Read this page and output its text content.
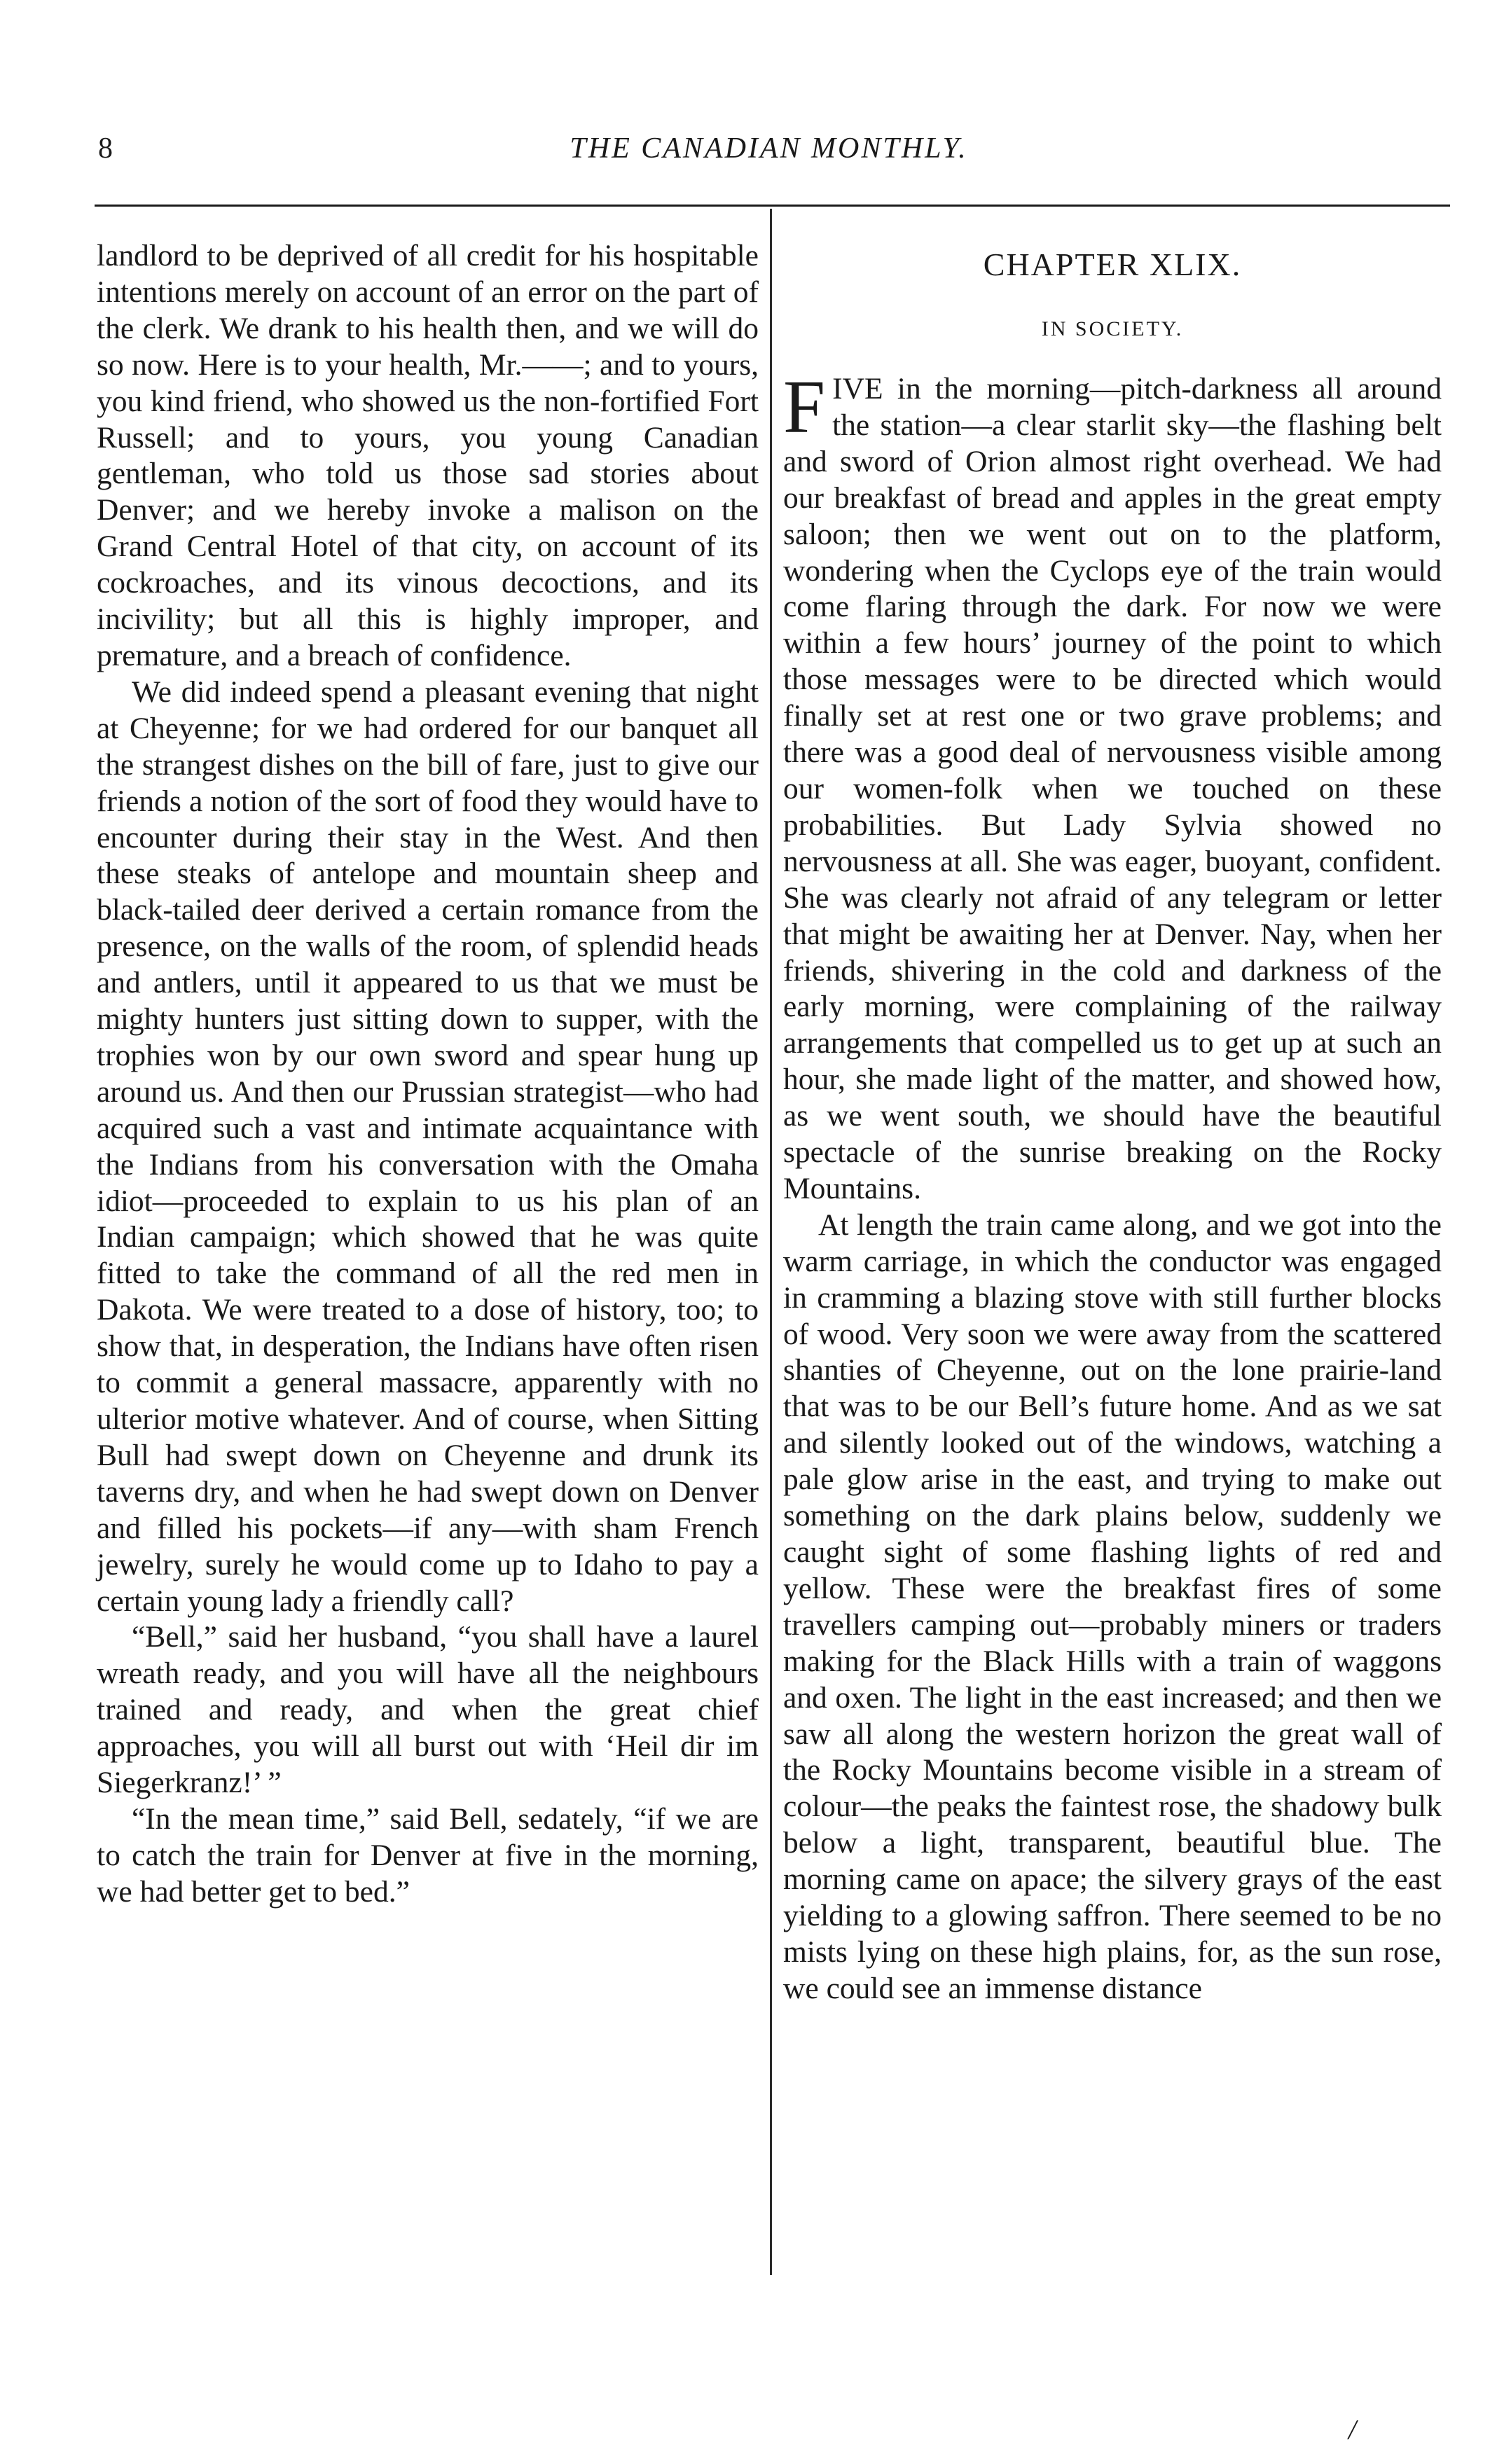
8	THE CANADIAN MONTHLY.

landlord to be deprived of all credit for his hospitable intentions merely on account of an error on the part of the clerk. We drank to his health then, and we will do so now. Here is to your health, Mr.——; and to yours, you kind friend, who showed us the non-fortified Fort Russell; and to yours, you young Canadian gentleman, who told us those sad stories about Denver; and we hereby invoke a malison on the Grand Central Hotel of that city, on account of its cockroaches, and its vinous decoctions, and its incivility; but all this is highly improper, and premature, and a breach of confidence.

We did indeed spend a pleasant evening that night at Cheyenne; for we had ordered for our banquet all the strangest dishes on the bill of fare, just to give our friends a notion of the sort of food they would have to encounter during their stay in the West. And then these steaks of antelope and mountain sheep and black-tailed deer derived a certain romance from the presence, on the walls of the room, of splendid heads and antlers, until it appeared to us that we must be mighty hunters just sitting down to supper, with the trophies won by our own sword and spear hung up around us. And then our Prussian strategist—who had acquired such a vast and intimate acquaintance with the Indians from his conversation with the Omaha idiot—proceeded to explain to us his plan of an Indian campaign; which showed that he was quite fitted to take the command of all the red men in Dakota. We were treated to a dose of history, too; to show that, in desperation, the Indians have often risen to commit a general massacre, apparently with no ulterior motive whatever. And of course, when Sitting Bull had swept down on Cheyenne and drunk its taverns dry, and when he had swept down on Denver and filled his pockets—if any—with sham French jewelry, surely he would come up to Idaho to pay a certain young lady a friendly call?

“Bell,” said her husband, “you shall have a laurel wreath ready, and you will have all the neighbours trained and ready, and when the great chief approaches, you will all burst out with ‘Heil dir im Siegerkranz!’ ”

“In the mean time,” said Bell, sedately, “if we are to catch the train for Denver at five in the morning, we had better get to bed.”

CHAPTER XLIX.
IN SOCIETY.

FIVE in the morning—pitch-darkness all around the station—a clear starlit sky—the flashing belt and sword of Orion almost right overhead. We had our breakfast of bread and apples in the great empty saloon; then we went out on to the platform, wondering when the Cyclops eye of the train would come flaring through the dark. For now we were within a few hours’ journey of the point to which those messages were to be directed which would finally set at rest one or two grave problems; and there was a good deal of nervousness visible among our women-folk when we touched on these probabilities. But Lady Sylvia showed no nervousness at all. She was eager, buoyant, confident. She was clearly not afraid of any telegram or letter that might be awaiting her at Denver. Nay, when her friends, shivering in the cold and darkness of the early morning, were complaining of the railway arrangements that compelled us to get up at such an hour, she made light of the matter, and showed how, as we went south, we should have the beautiful spectacle of the sunrise breaking on the Rocky Mountains.

At length the train came along, and we got into the warm carriage, in which the conductor was engaged in cramming a blazing stove with still further blocks of wood. Very soon we were away from the scattered shanties of Cheyenne, out on the lone prairie-land that was to be our Bell’s future home. And as we sat and silently looked out of the windows, watching a pale glow arise in the east, and trying to make out something on the dark plains below, suddenly we caught sight of some flashing lights of red and yellow. These were the breakfast fires of some travellers camping out—probably miners or traders making for the Black Hills with a train of waggons and oxen. The light in the east increased; and then we saw all along the western horizon the great wall of the Rocky Mountains become visible in a stream of colour—the peaks the faintest rose, the shadowy bulk below a light, transparent, beautiful blue. The morning came on apace; the silvery grays of the east yielding to a glowing saffron. There seemed to be no mists lying on these high plains, for, as the sun rose, we could see an immense distance

/
